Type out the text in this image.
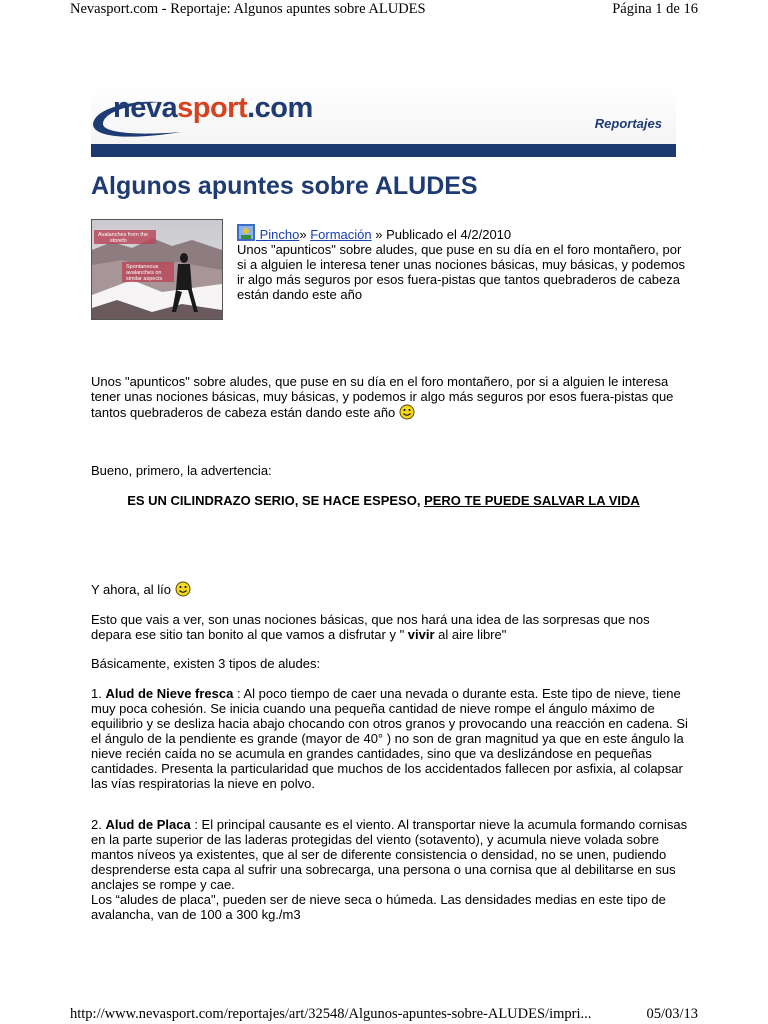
Nevasport.com - Reportaje: Algunos apuntes sobre ALUDES	Página 1 de 16
nevasport.com	Reportajes
Algunos apuntes sobre ALUDES
Avalanches from the storefo
Spontaneous avalanches on similar aspects
Pincho» Formación » Publicado el 4/2/2010

Unos "apunticos" sobre aludes, que puse en su día en el foro montañero, por si a alguien le interesa tener unas nociones básicas, muy básicas, y podemos ir algo más seguros por esos fuera-pistas que tantos quebraderos de cabeza están dando este año

Unos "apunticos" sobre aludes, que puse en su día en el foro montañero, por si a alguien le interesa tener unas nociones básicas, muy básicas, y podemos ir algo más seguros por esos fuera-pistas que tantos quebraderos de cabeza están dando este año

Bueno, primero, la advertencia:

ES UN CILINDRAZO SERIO, SE HACE ESPESO, PERO TE PUEDE SALVAR LA VIDA

Y ahora, al lío

Esto que vais a ver, son unas nociones básicas, que nos hará una idea de las sorpresas que nos depara ese sitio tan bonito al que vamos a disfrutar y " vivir al aire libre"

Básicamente, existen 3 tipos de aludes:

1. Alud de Nieve fresca : Al poco tiempo de caer una nevada o durante esta. Este tipo de nieve, tiene muy poca cohesión. Se inicia cuando una pequeña cantidad de nieve rompe el ángulo máximo de equilibrio y se desliza hacia abajo chocando con otros granos y provocando una reacción en cadena. Si el ángulo de la pendiente es grande (mayor de 40° ) no son de gran magnitud ya que en este ángulo la nieve recién caída no se acumula en grandes cantidades, sino que va deslizándose en pequeñas cantidades. Presenta la particularidad que muchos de los accidentados fallecen por asfixia, al colapsar las vías respiratorias la nieve en polvo.

2. Alud de Placa : El principal causante es el viento. Al transportar nieve la acumula formando cornisas en la parte superior de las laderas protegidas del viento (sotavento), y acumula nieve volada sobre mantos níveos ya existentes, que al ser de diferente consistencia o densidad, no se unen, pudiendo desprenderse esta capa al sufrir una sobrecarga, una persona o una cornisa que al debilitarse en sus anclajes se rompe y cae.
Los “aludes de placa", pueden ser de nieve seca o húmeda. Las densidades medias en este tipo de avalancha, van de 100 a 300 kg./m3

http://www.nevasport.com/reportajes/art/32548/Algunos-apuntes-sobre-ALUDES/impri...	05/03/13
